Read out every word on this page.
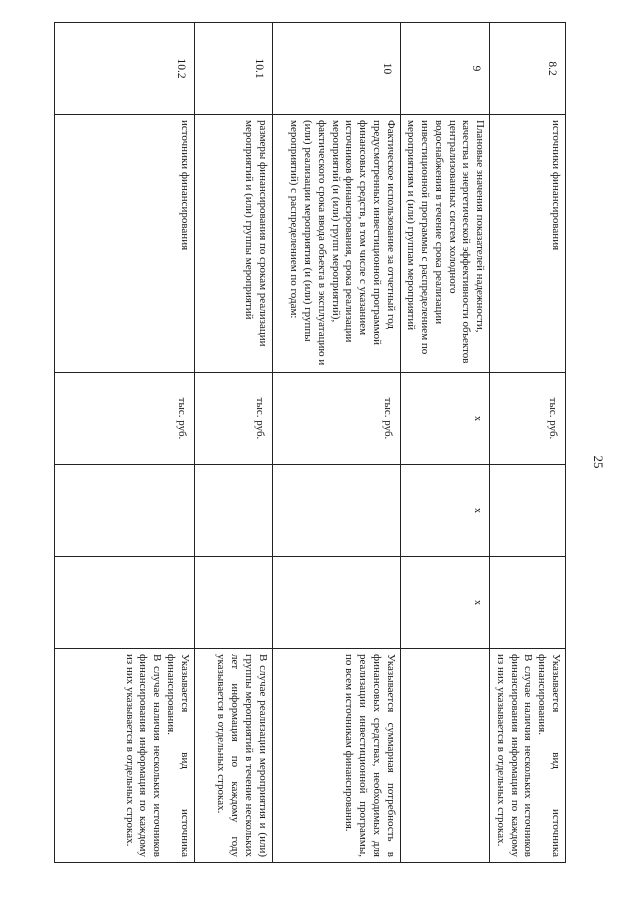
25
8.2	источники финансирования	тыс. руб.			Указывается вид источника финансирования.
В случае наличия нескольких источников финансирования информация по каждому из них указывается в отдельных строках.

9	Плановые значения показателей надежности, качества и энергетической эффективности объектов централизованных систем холодного водоснабжения в течение срока реализации инвестиционной программы с распределением по мероприятиям и (или) группам мероприятий	x	x	x	

10	Фактическое использование за отчетный год предусмотренных инвестиционной программой финансовых средств, в том числе с указанием источников финансирования, срока реализации мероприятий (и (или) групп мероприятий), фактического срока ввода объекта в эксплуатацию и (или) реализации мероприятия (и (или) группы мероприятий) с распределением по годам:	тыс. руб.			Указывается суммарная потребность в финансовых средствах, необходимых для реализации инвестиционной программы, по всем источникам финансирования.

10.1	размеры финансирования по срокам реализации мероприятий и (или) группы мероприятий	тыс. руб.			В случае реализации мероприятия и (или) группы мероприятий в течение нескольких лет информация по каждому году указывается в отдельных строках.

10.2	источники финансирования	тыс. руб.			Указывается вид источника финансирования.
В случае наличия нескольких источников финансирования информация по каждому из них указывается в отдельных строках.
